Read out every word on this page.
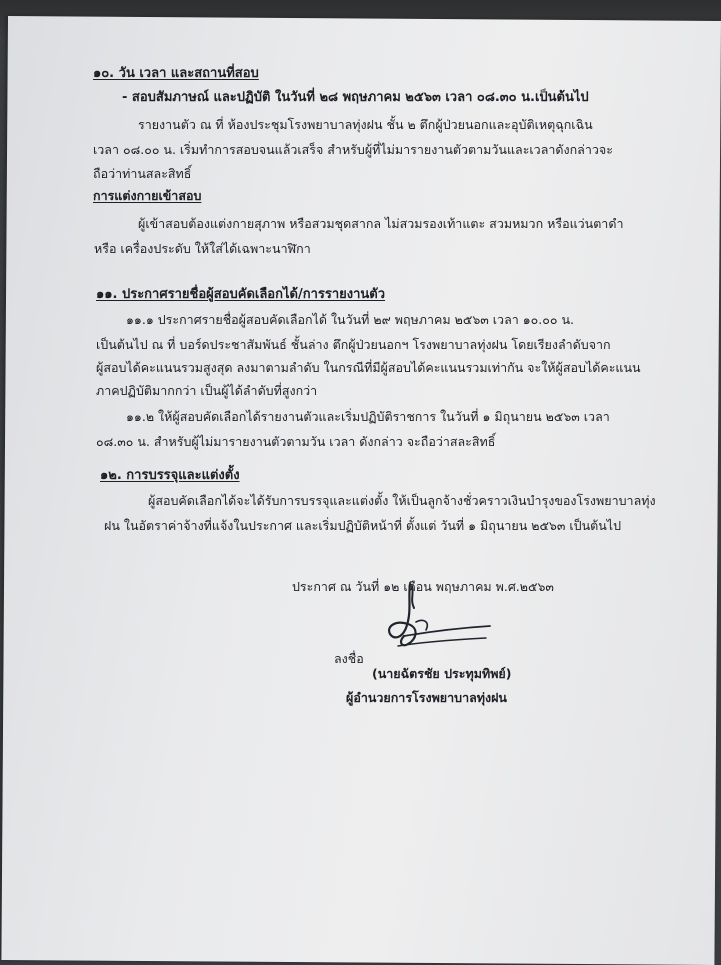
๑๐. วัน เวลา และสถานที่สอบ
- สอบสัมภาษณ์ และปฏิบัติ ในวันที่ ๒๘ พฤษภาคม ๒๕๖๓ เวลา ๐๘.๓๐ น.เป็นต้นไป
รายงานตัว ณ ที่ ห้องประชุมโรงพยาบาลทุ่งฝน ชั้น ๒ ตึกผู้ป่วยนอกและอุบัติเหตุฉุกเฉิน
เวลา ๐๘.๐๐ น. เริ่มทำการสอบจนแล้วเสร็จ สำหรับผู้ที่ไม่มารายงานตัวตามวันและเวลาดังกล่าวจะ
ถือว่าท่านสละสิทธิ์
การแต่งกายเข้าสอบ
ผู้เข้าสอบต้องแต่งกายสุภาพ หรือสวมชุดสากล ไม่สวมรองเท้าแตะ สวมหมวก หรือแว่นตาดำ
หรือ เครื่องประดับ ให้ใส่ได้เฉพาะนาฬิกา
๑๑. ประกาศรายชื่อผู้สอบคัดเลือกได้/การรายงานตัว
๑๑.๑ ประกาศรายชื่อผู้สอบคัดเลือกได้ ในวันที่ ๒๙ พฤษภาคม ๒๕๖๓ เวลา ๑๐.๐๐ น.
เป็นต้นไป ณ ที่ บอร์ดประชาสัมพันธ์ ชั้นล่าง ตึกผู้ป่วยนอกฯ โรงพยาบาลทุ่งฝน โดยเรียงลำดับจาก
ผู้สอบได้คะแนนรวมสูงสุด ลงมาตามลำดับ ในกรณีที่มีผู้สอบได้คะแนนรวมเท่ากัน จะให้ผู้สอบได้คะแนน
ภาคปฏิบัติมากกว่า เป็นผู้ได้ลำดับที่สูงกว่า
๑๑.๒ ให้ผู้สอบคัดเลือกได้รายงานตัวและเริ่มปฏิบัติราชการ ในวันที่ ๑ มิถุนายน ๒๕๖๓ เวลา
๐๘.๓๐ น. สำหรับผู้ไม่มารายงานตัวตามวัน เวลา ดังกล่าว จะถือว่าสละสิทธิ์
๑๒. การบรรจุและแต่งตั้ง
ผู้สอบคัดเลือกได้จะได้รับการบรรจุและแต่งตั้ง ให้เป็นลูกจ้างชั่วคราวเงินบำรุงของโรงพยาบาลทุ่ง
ฝน ในอัตราค่าจ้างที่แจ้งในประกาศ และเริ่มปฏิบัติหน้าที่ ตั้งแต่ วันที่ ๑ มิถุนายน ๒๕๖๓ เป็นต้นไป
ประกาศ ณ วันที่ ๑๒ เดือน พฤษภาคม พ.ศ.๒๕๖๓
ลงชื่อ
(นายฉัตรชัย ประทุมทิพย์)
ผู้อำนวยการโรงพยาบาลทุ่งฝน
